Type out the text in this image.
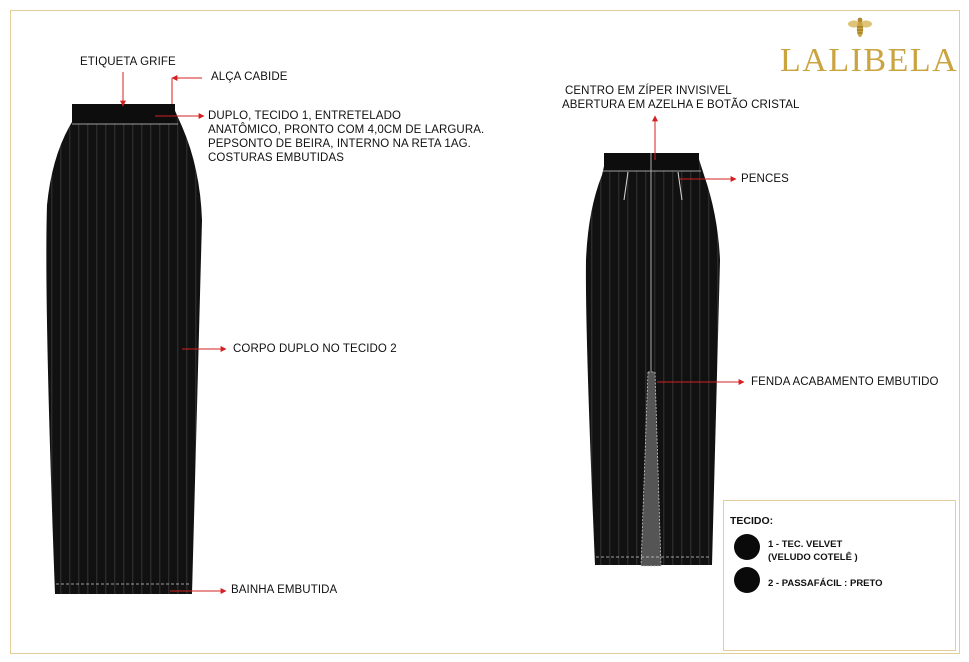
ETIQUETA GRIFE
ALÇA CABIDE
DUPLO, TECIDO 1, ENTRETELADO
ANATÔMICO, PRONTO COM 4,0CM DE LARGURA.
PEPSONTO DE BEIRA, INTERNO NA RETA 1AG.
COSTURAS EMBUTIDAS
CORPO DUPLO NO TECIDO 2
BAINHA EMBUTIDA
CENTRO EM ZÍPER INVISIVEL
ABERTURA EM AZELHA E BOTÃO CRISTAL
PENCES
FENDA ACABAMENTO EMBUTIDO
LALIBELA
TECIDO:
1 - TEC. VELVET
(VELUDO COTELÊ )
2 - PASSAFÁCIL : PRETO
